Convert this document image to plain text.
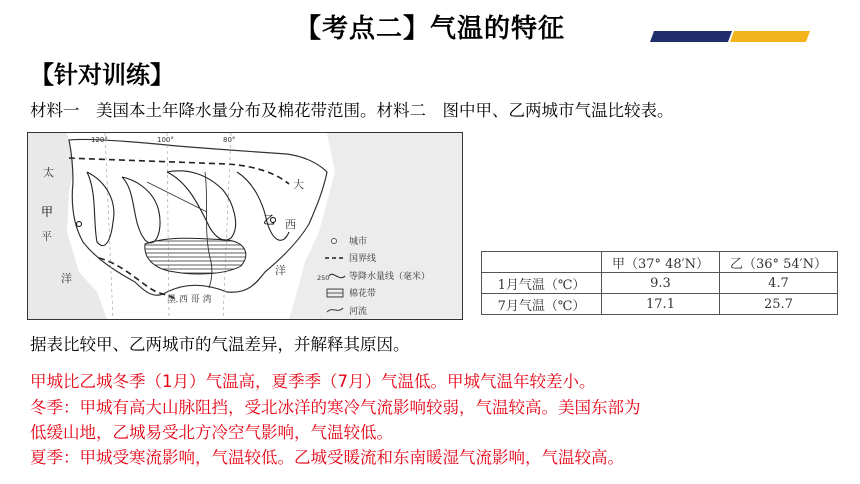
【考点二】气温的特征
【针对训练】
材料一　美国本土年降水量分布及棉花带范围。材料二　图中甲、乙两城市气温比较表。
太
甲
平
洋
乙
大
西
洋
墨 西 哥 湾
120°	100°	80°
城市
国界线
250 等降水量线（毫米）
棉花带
河流
	甲（37° 48′N）	乙（36° 54′N）
1月气温（℃）	9.3	4.7
7月气温（℃）	17.1	25.7
据表比较甲、乙两城市的气温差异，并解释其原因。
甲城比乙城冬季（1月）气温高，夏季季（7月）气温低。甲城气温年较差小。
冬季：甲城有高大山脉阻挡，受北冰洋的寒冷气流影响较弱，气温较高。美国东部为
低缓山地，乙城易受北方冷空气影响，气温较低。
夏季：甲城受寒流影响，气温较低。乙城受暖流和东南暖湿气流影响，气温较高。
